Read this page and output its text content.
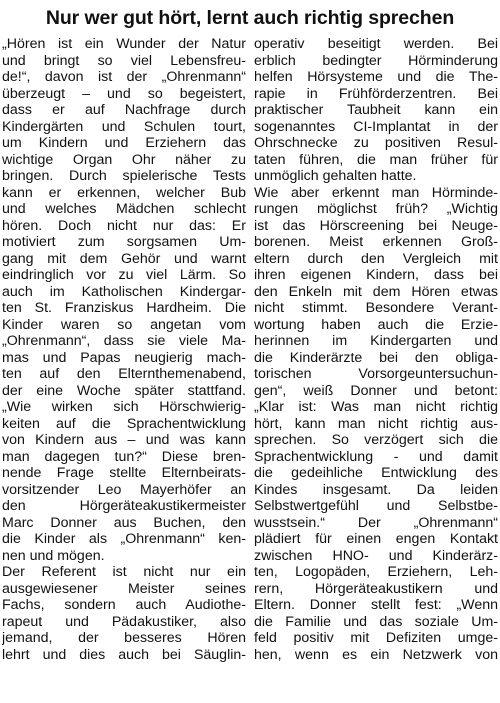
Nur wer gut hört, lernt auch richtig sprechen
„Hören ist ein Wunder der Natur
und bringt so viel Lebensfreu-
de!“, davon ist der „Ohrenmann“
überzeugt – und so begeistert,
dass er auf Nachfrage durch
Kindergärten und Schulen tourt,
um Kindern und Erziehern das
wichtige Organ Ohr näher zu
bringen. Durch spielerische Tests
kann er erkennen, welcher Bub
und welches Mädchen schlecht
hören. Doch nicht nur das: Er
motiviert zum sorgsamen Um-
gang mit dem Gehör und warnt
eindringlich vor zu viel Lärm. So
auch im Katholischen Kindergar-
ten St. Franziskus Hardheim. Die
Kinder waren so angetan vom
„Ohrenmann“, dass sie viele Ma-
mas und Papas neugierig mach-
ten auf den Elternthemenabend,
der eine Woche später stattfand.
„Wie wirken sich Hörschwierig-
keiten auf die Sprachentwicklung
von Kindern aus – und was kann
man dagegen tun?“ Diese bren-
nende Frage stellte Elternbeirats-
vorsitzender Leo Mayerhöfer an
den Hörgeräteakustikermeister
Marc Donner aus Buchen, den
die Kinder als „Ohrenmann“ ken-
nen und mögen.
Der Referent ist nicht nur ein
ausgewiesener Meister seines
Fachs, sondern auch Audiothe-
rapeut und Pädakustiker, also
jemand, der besseres Hören
lehrt und dies auch bei Säuglin-
operativ beseitigt werden. Bei
erblich bedingter Hörminderung
helfen Hörsysteme und die The-
rapie in Frühförderzentren. Bei
praktischer Taubheit kann ein
sogenanntes CI-Implantat in der
Ohrschnecke zu positiven Resul-
taten führen, die man früher für
unmöglich gehalten hatte.
Wie aber erkennt man Hörminde-
rungen möglichst früh? „Wichtig
ist das Hörscreening bei Neuge-
borenen. Meist erkennen Groß-
eltern durch den Vergleich mit
ihren eigenen Kindern, dass bei
den Enkeln mit dem Hören etwas
nicht stimmt. Besondere Verant-
wortung haben auch die Erzie-
herinnen im Kindergarten und
die Kinderärzte bei den obliga-
torischen Vorsorgeuntersuchun-
gen“, weiß Donner und betont:
„Klar ist: Was man nicht richtig
hört, kann man nicht richtig aus-
sprechen. So verzögert sich die
Sprachentwicklung - und damit
die gedeihliche Entwicklung des
Kindes insgesamt. Da leiden
Selbstwertgefühl und Selbstbe-
wusstsein.“ Der „Ohrenmann“
plädiert für einen engen Kontakt
zwischen HNO- und Kinderärz-
ten, Logopäden, Erziehern, Leh-
rern, Hörgeräteakustikern und
Eltern. Donner stellt fest: „Wenn
die Familie und das soziale Um-
feld positiv mit Defiziten umge-
hen, wenn es ein Netzwerk von
